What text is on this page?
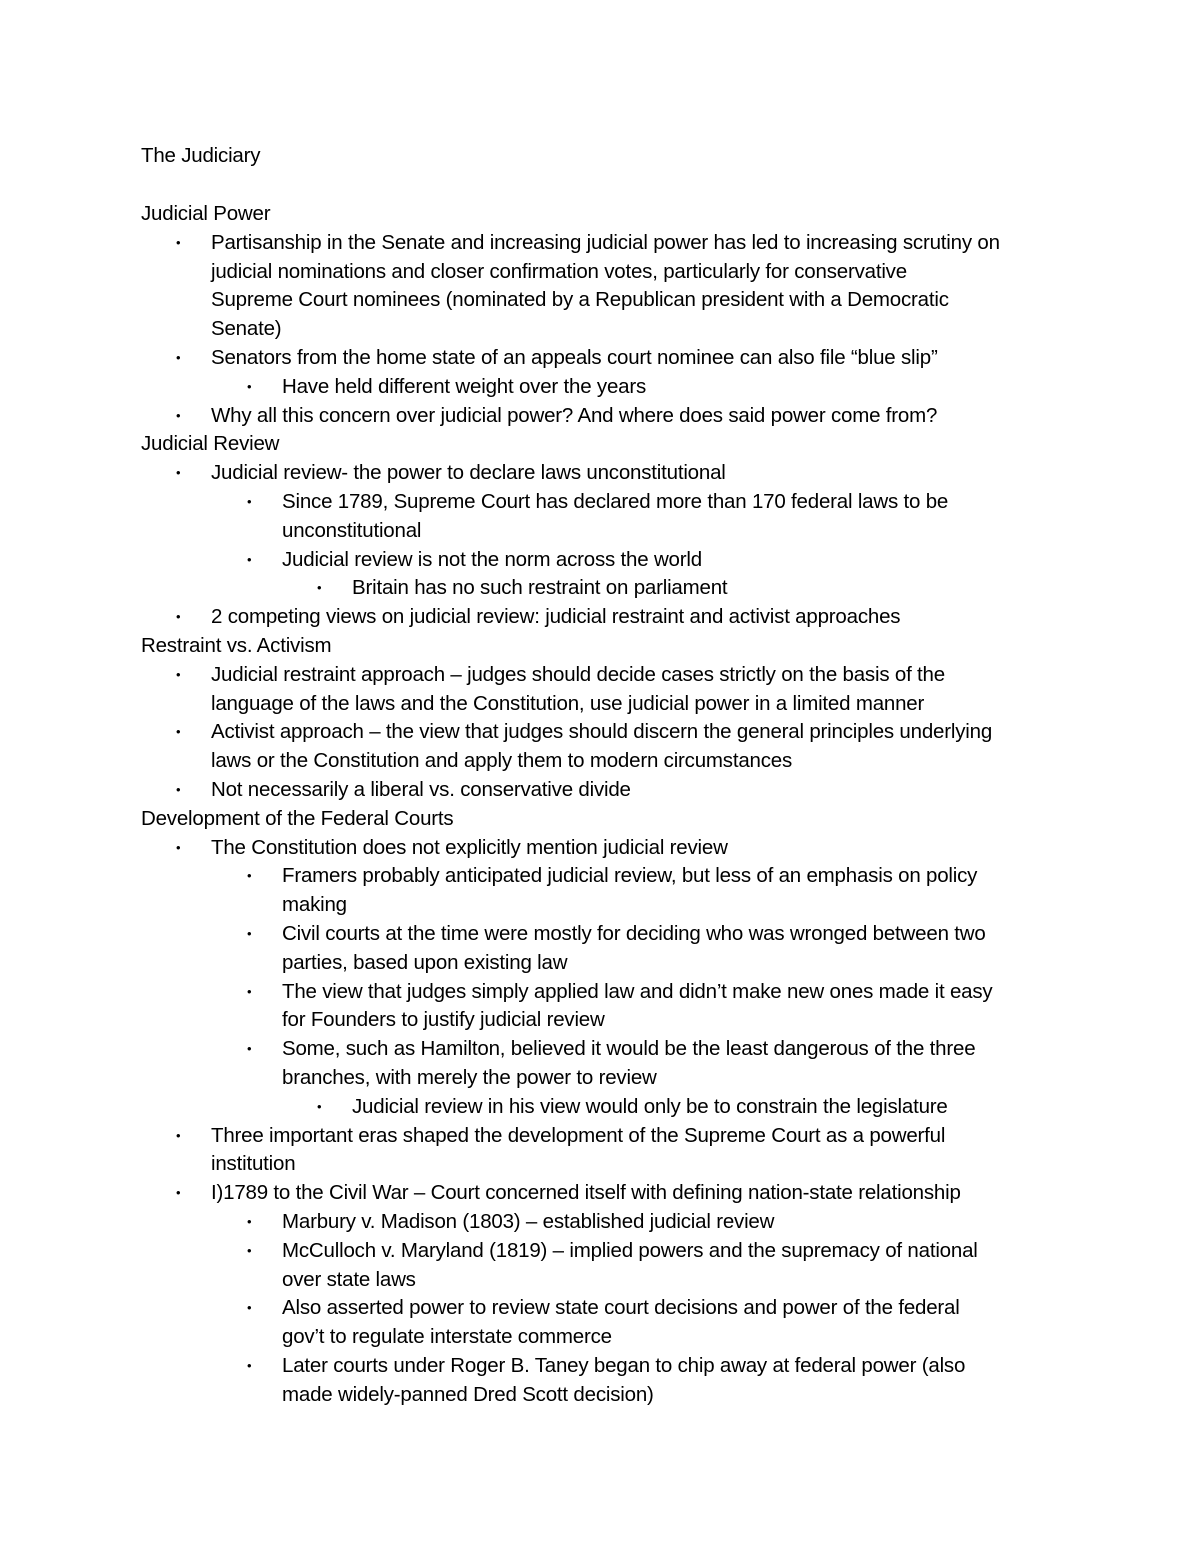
The Judiciary
Judicial Power
• Partisanship in the Senate and increasing judicial power has led to increasing scrutiny on
judicial nominations and closer confirmation votes, particularly for conservative
Supreme Court nominees (nominated by a Republican president with a Democratic
Senate)
• Senators from the home state of an appeals court nominee can also file “blue slip”
• Have held different weight over the years
• Why all this concern over judicial power? And where does said power come from?
Judicial Review
• Judicial review- the power to declare laws unconstitutional
• Since 1789, Supreme Court has declared more than 170 federal laws to be
unconstitutional
• Judicial review is not the norm across the world
• Britain has no such restraint on parliament
• 2 competing views on judicial review: judicial restraint and activist approaches
Restraint vs. Activism
• Judicial restraint approach – judges should decide cases strictly on the basis of the
language of the laws and the Constitution, use judicial power in a limited manner
• Activist approach – the view that judges should discern the general principles underlying
laws or the Constitution and apply them to modern circumstances
• Not necessarily a liberal vs. conservative divide
Development of the Federal Courts
• The Constitution does not explicitly mention judicial review
• Framers probably anticipated judicial review, but less of an emphasis on policy
making
• Civil courts at the time were mostly for deciding who was wronged between two
parties, based upon existing law
• The view that judges simply applied law and didn’t make new ones made it easy
for Founders to justify judicial review
• Some, such as Hamilton, believed it would be the least dangerous of the three
branches, with merely the power to review
• Judicial review in his view would only be to constrain the legislature
• Three important eras shaped the development of the Supreme Court as a powerful
institution
• I)1789 to the Civil War – Court concerned itself with defining nation-state relationship
• Marbury v. Madison (1803) – established judicial review
• McCulloch v. Maryland (1819) – implied powers and the supremacy of national
over state laws
• Also asserted power to review state court decisions and power of the federal
gov’t to regulate interstate commerce
• Later courts under Roger B. Taney began to chip away at federal power (also
made widely-panned Dred Scott decision)
